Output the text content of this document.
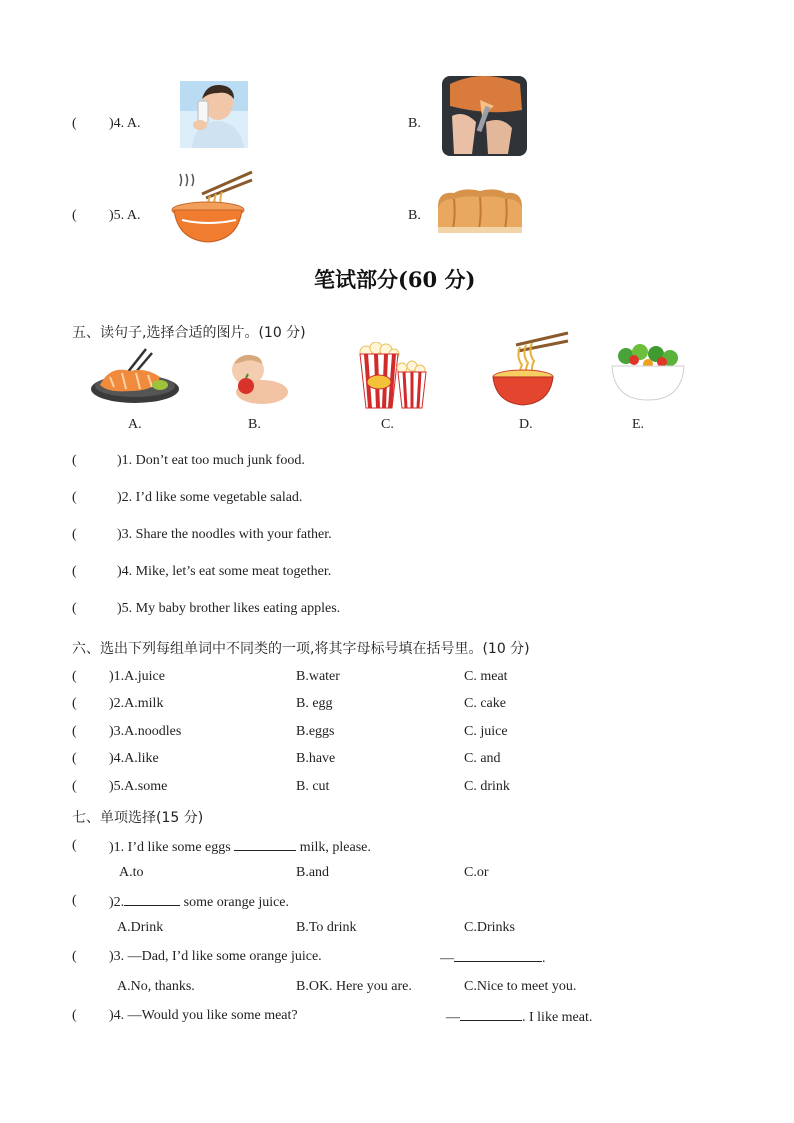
( )4. A.	B.
( )5. A.	B.
笔试部分(60 分)
五、读句子,选择合适的图片。(10 分)
A.	B.	C.	D.	E.
(	)1. Don’t eat too much junk food.
(	)2. I’d like some vegetable salad.
(	)3. Share the noodles with your father.
(	)4. Mike, let’s eat some meat together.
(	)5. My baby brother likes eating apples.
六、选出下列每组单词中不同类的一项,将其字母标号填在括号里。(10 分)
( )1.A.juice	B.water	C. meat
( )2.A.milk	B. egg	C. cake
( )3.A.noodles	B.eggs	C. juice
( )4.A.like	B.have	C. and
( )5.A.some	B. cut	C. drink
七、单项选择(15 分)
( )1. I’d like some eggs	milk, please.
A.to	B.and	C.or
( )2.	some orange juice.
A.Drink	B.To drink	C.Drinks
( )3. —Dad, I’d like some orange juice.	—	.
A.No, thanks.	B.OK. Here you are.	C.Nice to meet you.
( )4. —Would you like some meat?	—	. I like meat.
